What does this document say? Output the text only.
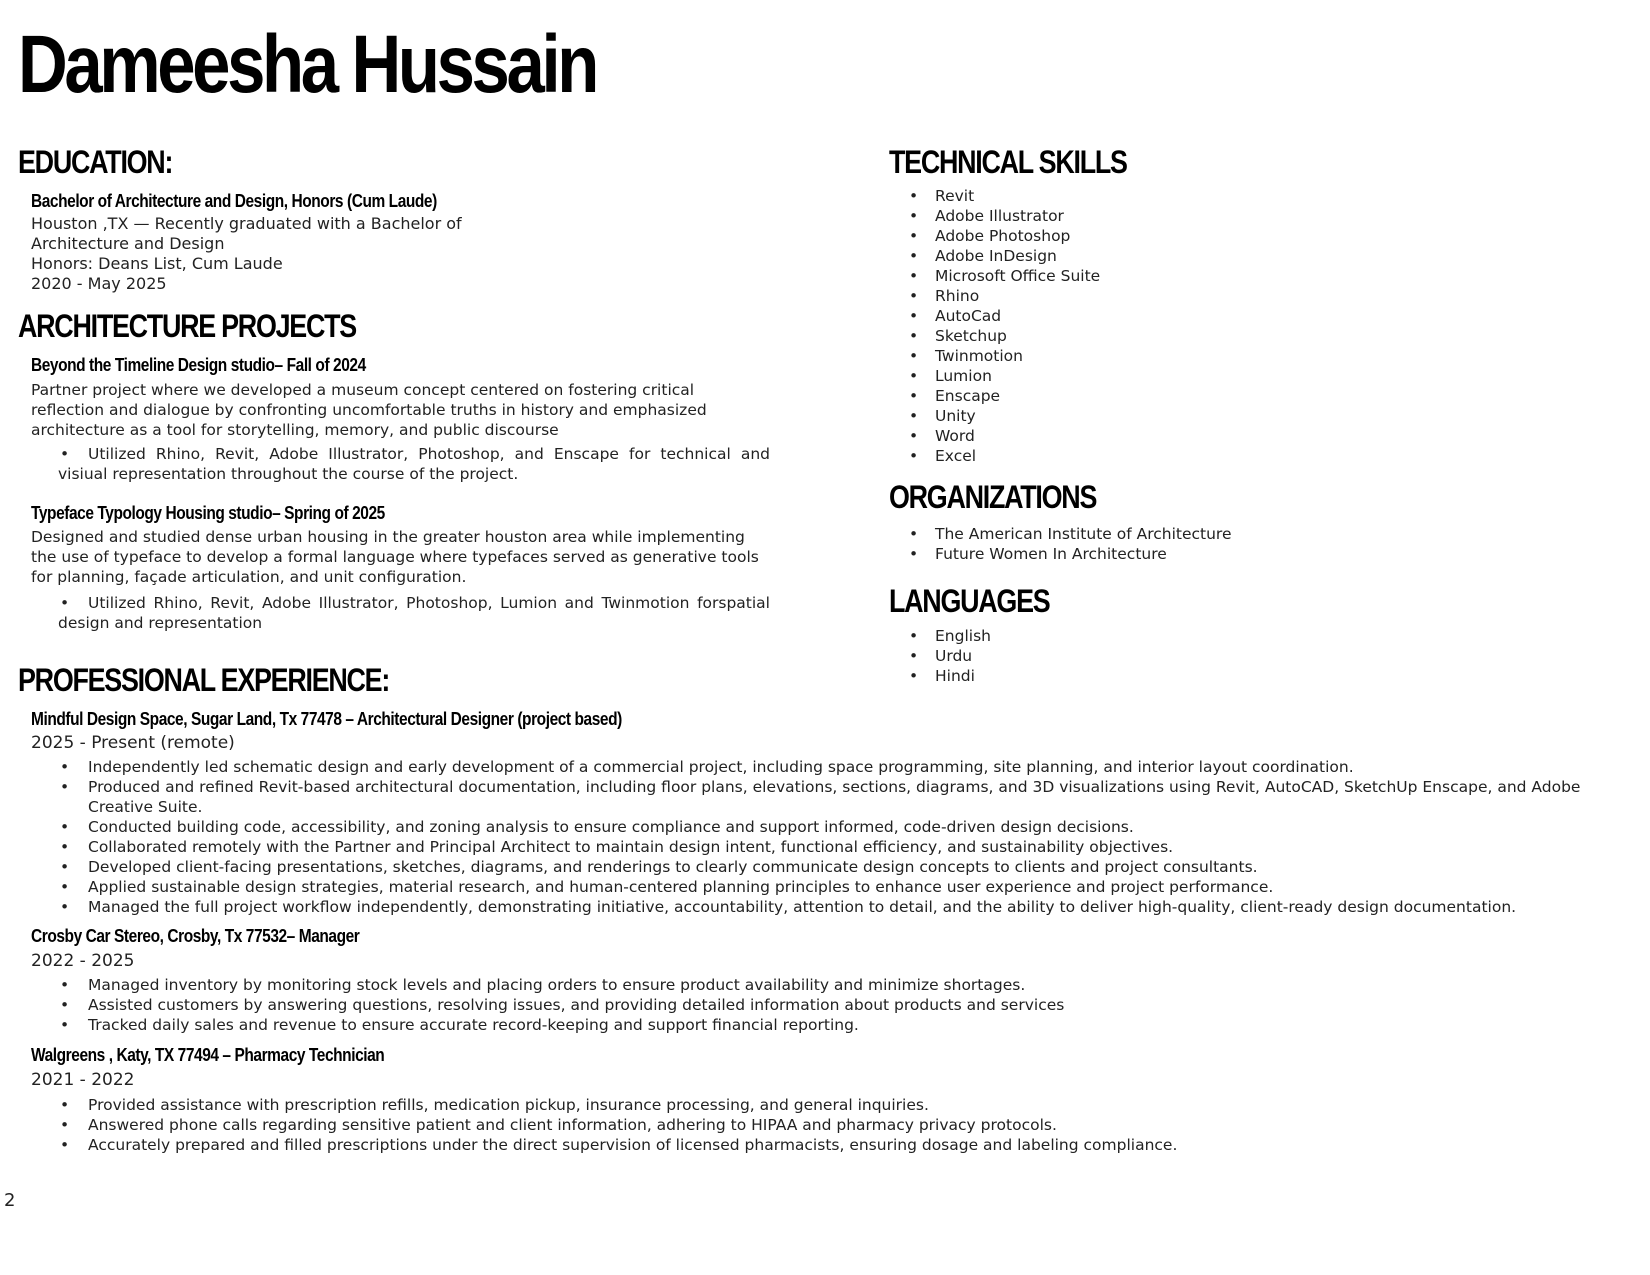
Dameesha Hussain
EDUCATION:
Bachelor of Architecture and Design, Honors (Cum Laude)
Houston ,TX — Recently graduated with a Bachelor of
Architecture and Design
Honors: Deans List, Cum Laude
2020 - May 2025
ARCHITECTURE PROJECTS
Beyond the Timeline Design studio– Fall of 2024
Partner project where we developed a museum concept centered on fostering critical reflection and dialogue by confronting uncomfortable truths in history and emphasized architecture as a tool for storytelling, memory, and public discourse
• Utilized Rhino, Revit, Adobe Illustrator, Photoshop, and Enscape for technical and visiual representation throughout the course of the project.
Typeface Typology Housing studio– Spring of 2025
Designed and studied dense urban housing in the greater houston area while implementing the use of typeface to develop a formal language where typefaces served as generative tools for planning, façade articulation, and unit configuration.
• Utilized Rhino, Revit, Adobe Illustrator, Photoshop, Lumion and Twinmotion forspatial design and representation
PROFESSIONAL EXPERIENCE:
Mindful Design Space, Sugar Land, Tx 77478 – Architectural Designer (project based)
2025 - Present (remote)
• Independently led schematic design and early development of a commercial project, including space programming, site planning, and interior layout coordination.
• Produced and refined Revit-based architectural documentation, including floor plans, elevations, sections, diagrams, and 3D visualizations using Revit, AutoCAD, SketchUp Enscape, and Adobe Creative Suite.
• Conducted building code, accessibility, and zoning analysis to ensure compliance and support informed, code-driven design decisions.
• Collaborated remotely with the Partner and Principal Architect to maintain design intent, functional efficiency, and sustainability objectives.
• Developed client-facing presentations, sketches, diagrams, and renderings to clearly communicate design concepts to clients and project consultants.
• Applied sustainable design strategies, material research, and human-centered planning principles to enhance user experience and project performance.
• Managed the full project workflow independently, demonstrating initiative, accountability, attention to detail, and the ability to deliver high-quality, client-ready design documentation.
Crosby Car Stereo, Crosby, Tx 77532– Manager
2022 - 2025
• Managed inventory by monitoring stock levels and placing orders to ensure product availability and minimize shortages.
• Assisted customers by answering questions, resolving issues, and providing detailed information about products and services
• Tracked daily sales and revenue to ensure accurate record-keeping and support financial reporting.
Walgreens , Katy, TX 77494 – Pharmacy Technician
2021 - 2022
• Provided assistance with prescription refills, medication pickup, insurance processing, and general inquiries.
• Answered phone calls regarding sensitive patient and client information, adhering to HIPAA and pharmacy privacy protocols.
• Accurately prepared and filled prescriptions under the direct supervision of licensed pharmacists, ensuring dosage and labeling compliance.
TECHNICAL SKILLS
• Revit
• Adobe Illustrator
• Adobe Photoshop
• Adobe InDesign
• Microsoft Office Suite
• Rhino
• AutoCad
• Sketchup
• Twinmotion
• Lumion
• Enscape
• Unity
• Word
• Excel
ORGANIZATIONS
• The American Institute of Architecture
• Future Women In Architecture
LANGUAGES
• English
• Urdu
• Hindi
2
